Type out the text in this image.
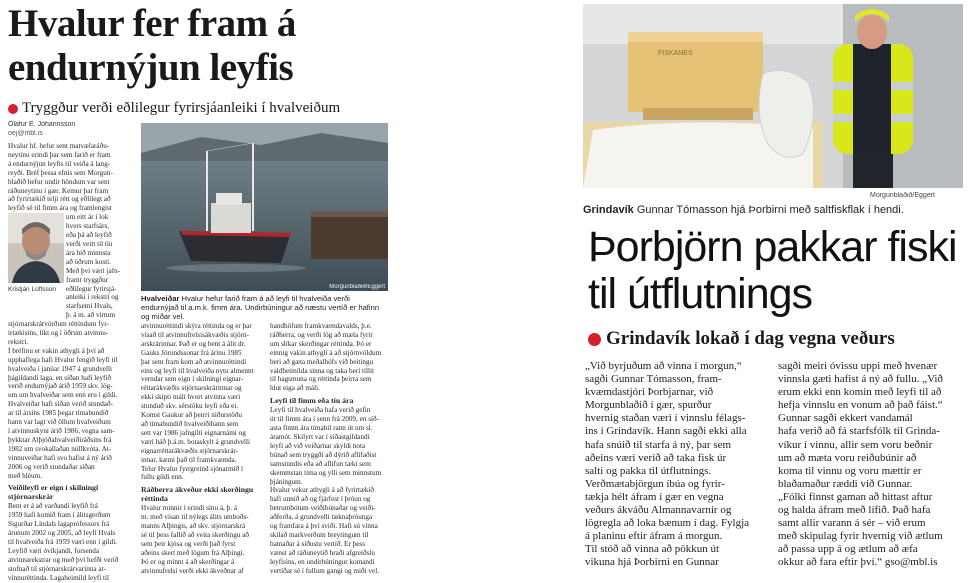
Hvalur fer fram á endurnýjun leyfis
Tryggður verði eðlilegur fyrirsjáanleiki í hvalveiðum
Ólafur E. Jóhannsson
oej@mbl.is
Kristján Loftsson
Hvalur hf. hefur sent matvælaráðu-
neytinu erindi þar sem farið er fram
á endurnýjun leyfis til veiða á lang-
reyði. Bréf þessa efnis sem Morgun-
blaðið hefur undir höndum var sent
ráðuneytinu í gær. Kemur þar fram
að fyrirtækið telji rétt og eðlilegt að
leyfið sé til fimm ára og framlengist
um eitt ár í lok
hvers starfsárs,
eða þá að leyfið
verði veitt til tíu
ára hið minnsta
að öðrum kosti.
Með því væri jafn-
framt tryggður
eðlilegur fyrirsjá-
anleiki í rekstri og
starfsemi Hvals,
þ. á m. að virtum
stjórnarskrárvörðum réttindum fyr-
irtækisins, líkt og í öðrum atvinnu-
rekstri.
Í bréfinu er vakin athygli á því að
upphaflega hafi Hvalur fengið leyfi til
hvalveiða í janúar 1947 á grundvelli
þágildandi laga, en síðan hafi leyfið
verið endurnýjað árið 1959 skv. lög-
um um hvalveiðar sem enn eru í gildi.
Hvalveiðar hafi síðan verið stundað-
ar til ársins 1985 þegar tímabundið
bann var lagt við öllum hvalveiðum
í atvinnuskyni árið 1986, vegna sam-
þykktar Alþjóðahvalveiðiráðsins frá
1982 um svokallaðan núllkvóta. At-
vinnuveiðar hafi svo hafist á ný árið
2006 og verið stundaðar síðan
með hléum.
Veiðileyfi er eign í skilningi stjórnarskrár
Bent er á að varðandi leyfið frá
1959 hafi komið fram í álitsgerðum
Sigurðar Líndals lagaprófessors frá
árunum 2002 og 2005, að leyfi Hvals
til hvalveiða frá 1959 væri enn í gildi.
Leyfið væri óvíkjandi, forsenda
atvinnarekstrar og með því hefði verið
stofnað til stjórnarskrárvarinna at-
vinnuréttinda. Lagaheimild leyfi til
Morgunblaðið/Eggert
Hvalveiðar Hvalur hefur farið fram á að leyfi til hvalveiða verði endurnýjað til a.m.k. fimm ára. Undirbúningur að næstu vertíð er hafinn og miðar vel.
atvinnuréttindi skýra réttinda og er þar
vísað til atvinnufrelsisákvæðis stjórn-
arskrárinnar. Það er og bent á álit dr.
Gauks Jörundssonar frá árinu 1985
þar sem fram kom að atvinnuréttindi
eins og leyfi til hvalveiða nytu almennt
verndar sem eign í skilningi eignar-
réttarákvæðis stjórnarskrárinnar og
ekki skipti máli hvort atvinna væri
stunduð skv. sérstöku leyfi eða ei.
Komst Gaukur að þeirri niðurstöðu
að tímabundið hvalveiðibann sem
sett var 1986 jafngilti eignarnámi og
væri háð þ.á.m. botaskylt á grundvelli
eignarréttarákvæðis stjórnarskrár-
innar, kæmi það til framkvæmda.
Telur Hvalur fyrrgreind sjónarmið í
fullu gildi enn.
Ráðherra ákveður ekki skerðingu réttinda
Hvalur minnir í erindi sínu á, þ. á
m. með vísan til nýlegs álits umboðs-
manns Alþingis, að skv. stjórnarskrá
sé til þess fallið að veita skerðingu að
sem þeir kjósa og verði það fyrst
aðeins skert með lögum frá Alþingi.
Þó er og minnt á að skerðingar á
atvinnufrelsi verði ekki ákveðnar af
handhöfum framkvæmdavalds, þ.e.
ráðherra, og verði lög að mæla fyrir
um slíkar skerðingar réttinda. Þó er
einnig vakin athygli á að stjórnvöldum
beri að gæta meðalhófs við beitingu
valdheimilda sinna og taka beri tillit
til hagsmuna og réttinda þeirra sem
hlut eiga að máli.
Leyfi til fimm eða tíu ára
Leyfi til hvalveiða hafa verið gefin
út til fimm ára í senn frá 2009, en síð-
asta fimm ára tímabil rann út um sl.
áramót. Skilyrt var í síðastgildandi
leyfi að við veiðarnar skyldi nota
búnað sem tryggði að dýrið aflífaðist
samstundis eða að aflífun tæki sem
skemmstan tíma og ylli sem minnstum
þjáningum.
Hvalur vekur athygli á að fyrirtækið
hafi unnið að og fjárfest í þróun og
betrumbótum veiðibúnaðar og veiði-
aðferða, á grundvelli tæknaþróunga
og framfara á því sviði. Hafi sú vinna
skilað markverðum breytingum til
batnaðar á síðustu vertíð. Er þess
vænst að ráðuneytið hraði afgreiðslu
leyfisins, en undirbúningur komandi
vertíðar sé í fullum gangi og miði vel.
FISKANES
Morgunblaðið/Eggert
Grindavík Gunnar Tómasson hjá Þorbirni með saltfiskflak í hendi.
Þorbjörn pakkar fiski til útflutnings
Grindavík lokað í dag vegna veðurs
„Við byrjuðum að vinna í morgun,“
sagði Gunnar Tómasson, fram-
kvæmdastjóri Þorbjarnar, við
Morgunblaðið í gær, spurður
hvernig staðan væri í vinnslu félags-
ins í Grindavík. Hann sagði ekki alla
hafa snúið til starfa á ný, þar sem
aðeins væri verið að taka fisk úr
salti og pakka til útflutnings.
Verðmætabjörgun íbúa og fyrir-
tækja hélt áfram í gær en vegna
veðurs ákváðu Almannavarnir og
lögregla að loka bænum í dag. Fylgja
á planinu eftir áfram á morgun.
Til stóð að vinna að pökkun út
vikuna hjá Þorbirni en Gunnar
sagði meiri óvissu uppi með hvenær
vinnsla gæti hafist á ný að fullu. „Við
erum ekki enn komin með leyfi til að
hefja vinnslu en vonum að það fáist.“
Gunnar sagði ekkert vandamál
hafa verið að fá starfsfólk til Grinda-
víkur í vinnu, allir sem voru beðnir
um að mæta voru reiðubúnir að
koma til vinnu og voru mættir er
blaðamaður ræddi við Gunnar.
„Fólki finnst gaman að hittast aftur
og halda áfram með lífið. Það hafa
samt allir varann á sér – við erum
með skipulag fyrir hvernig við ætlum
að passa upp á og ætlum að æfa
okkur að fara eftir því.“ gso@mbl.is
